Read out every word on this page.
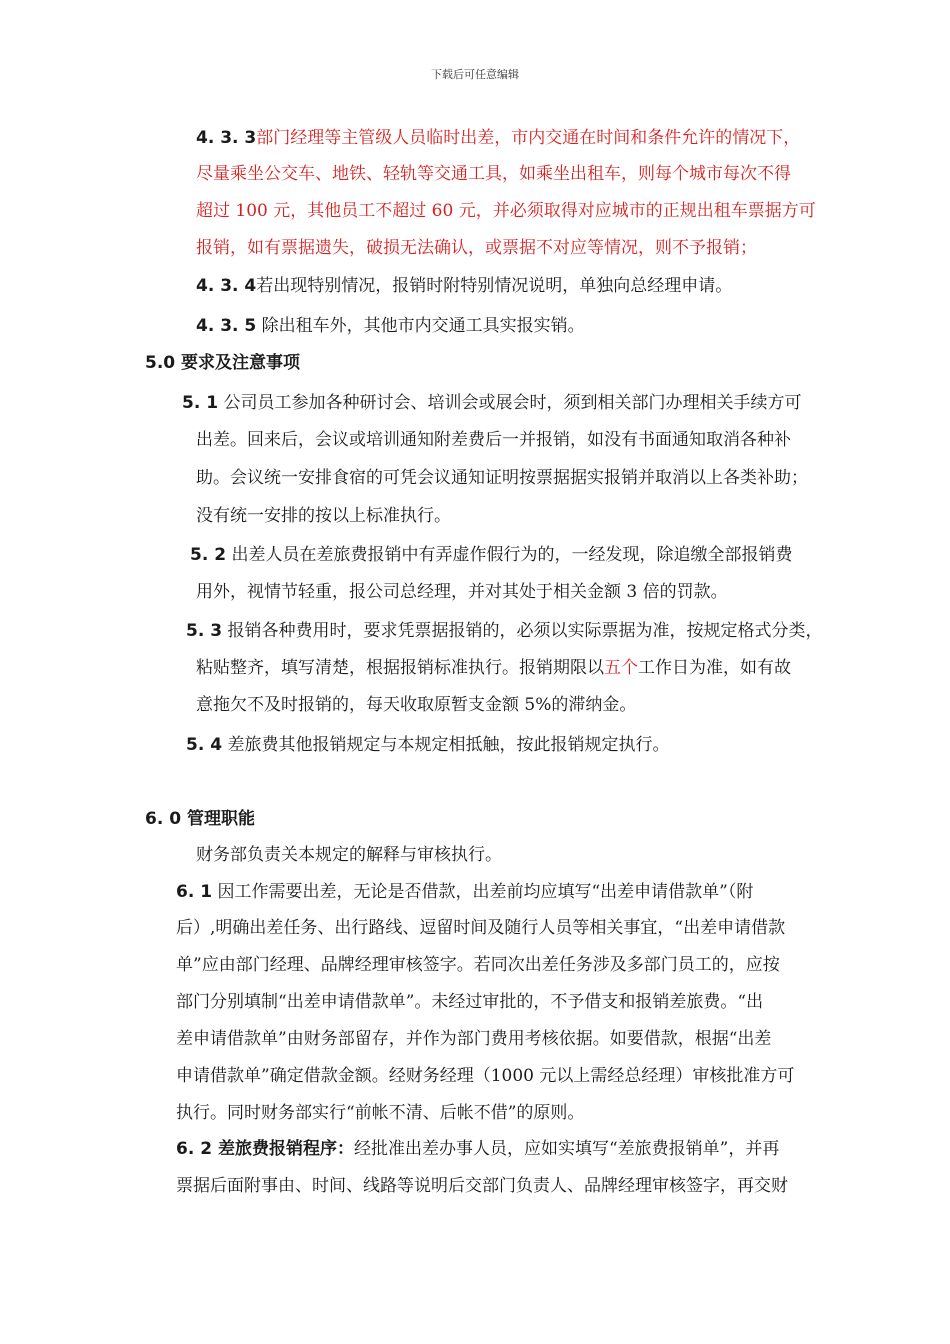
下载后可任意编辑
4. 3. 3部门经理等主管级人员临时出差，市内交通在时间和条件允许的情况下，
尽量乘坐公交车、地铁、轻轨等交通工具，如乘坐出租车，则每个城市每次不得
超过 100 元，其他员工不超过 60 元，并必须取得对应城市的正规出租车票据方可
报销，如有票据遗失，破损无法确认，或票据不对应等情况，则不予报销；
4. 3. 4若出现特别情况，报销时附特别情况说明，单独向总经理申请。
4. 3. 5 除出租车外，其他市内交通工具实报实销。
5.0 要求及注意事项
5. 1 公司员工参加各种研讨会、培训会或展会时，须到相关部门办理相关手续方可
出差。回来后，会议或培训通知附差费后一并报销，如没有书面通知取消各种补
助。会议统一安排食宿的可凭会议通知证明按票据据实报销并取消以上各类补助；
没有统一安排的按以上标准执行。
5. 2 出差人员在差旅费报销中有弄虚作假行为的，一经发现，除追缴全部报销费
用外，视情节轻重，报公司总经理，并对其处于相关金额 3 倍的罚款。
5. 3 报销各种费用时，要求凭票据报销的，必须以实际票据为准，按规定格式分类，
粘贴整齐，填写清楚，根据报销标准执行。报销期限以五个工作日为准，如有故
意拖欠不及时报销的，每天收取原暂支金额 5%的滞纳金。
5. 4 差旅费其他报销规定与本规定相抵触，按此报销规定执行。
6. 0 管理职能
财务部负责关本规定的解释与审核执行。
6. 1 因工作需要出差，无论是否借款，出差前均应填写“出差申请借款单”（附
后）,明确出差任务、出行路线、逗留时间及随行人员等相关事宜，“出差申请借款
单”应由部门经理、品牌经理审核签字。若同次出差任务涉及多部门员工的，应按
部门分别填制“出差申请借款单”。未经过审批的，不予借支和报销差旅费。“出
差申请借款单”由财务部留存，并作为部门费用考核依据。如要借款，根据“出差
申请借款单”确定借款金额。经财务经理（1000 元以上需经总经理）审核批准方可
执行。同时财务部实行“前帐不清、后帐不借”的原则。
6. 2 差旅费报销程序：经批准出差办事人员，应如实填写“差旅费报销单”，并再
票据后面附事由、时间、线路等说明后交部门负责人、品牌经理审核签字，再交财
